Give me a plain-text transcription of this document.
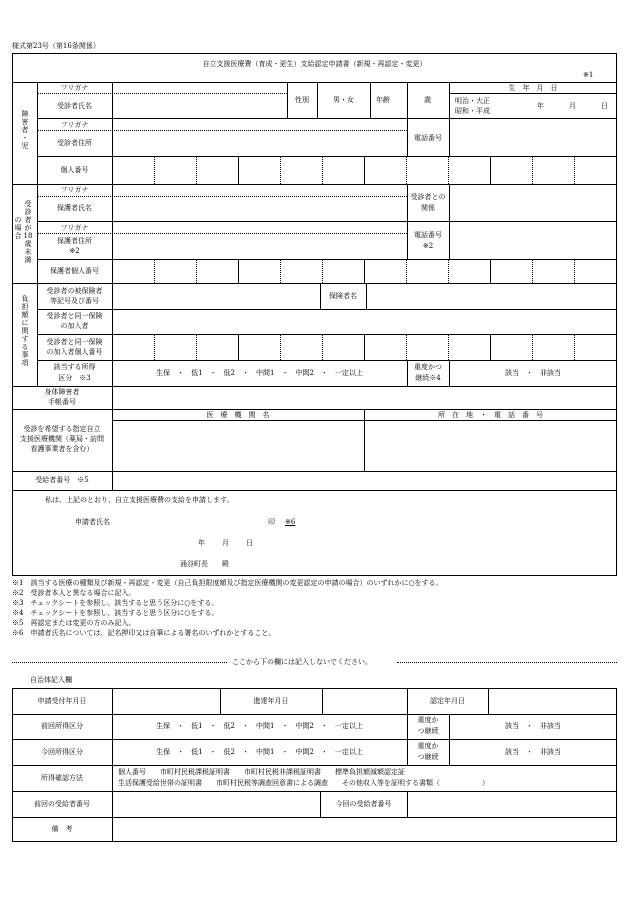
様式第23号（第16条関係）
自立支援医療費（育成・更生）支給認定申請書（新規・再認定・変更）
※1
障
害
者
・
児
フリガナ
受診者氏名
性別	男・女	年齢	歳
生　年　月　日
明治・大正
昭和・平成
年	月	日
フリガナ
受診者住所
電話番号
個人番号
受
診
者
が
18
歳
未
満
の
場
合
フリガナ
保護者氏名
受診者との
関係
フリガナ
保護者住所
※2
電話番号
※2
保護者個人番号
負
担
額
に
関
す
る
事
項
受診者の被保険者
等記号及び番号
保険者名
受診者と同一保険
の加入者
受診者と同一保険
の加入者個人番号
該当する所得
区分　※3
生保　・　低1　・　低2　・　中間1　・　中間2　・　一定以上
重度かつ
継続※4
該当　・　非該当
身体障害者
手帳番号
受診を希望する指定自立
支援医療機関（薬局・訪問
看護事業者を含む）
医　療　機　関　名	所　在　地　・　電　話　番　号
受給者番号　※5
私は、上記のとおり、自立支援医療費の支給を申請します。
申請者氏名	印 ※6
年 月 日
涌谷町長　　殿
※1　該当する医療の種類及び新規・再認定・変更（自己負担限度額及び指定医療機関の変更認定の申請の場合）のいずれかに○をする。
※2　受診者本人と異なる場合に記入。
※3　チェックシートを参照し、該当すると思う区分に○をする。
※4　チェックシートを参照し、該当すると思う区分に○をする。
※5　再認定または変更の方のみ記入。
※6　申請者氏名については、記名押印又は自筆による署名のいずれかとすること。
ここから下の欄には記入しないでください。
自治体記入欄
申請受付年月日	進達年月日	認定年月日
前回所得区分	生保　・　低1　・　低2　・　中間1　・　中間2　・　一定以上
重度か
つ継続
該当　・　非該当
今回所得区分	生保　・　低1　・　低2　・　中間1　・　中間2　・　一定以上
重度か
つ継続
該当　・　非該当
所得確認方法
個人番号　　市町村民税課税証明書　　市町村民税非課税証明書　　標準負担額減額認定証
生活保護受給世帯の証明書　　市町村民税等調査回意書による調査　　その他収入等を証明する書類（　　　　　　）
前回の受給者番号	今回の受給者番号
備　考
